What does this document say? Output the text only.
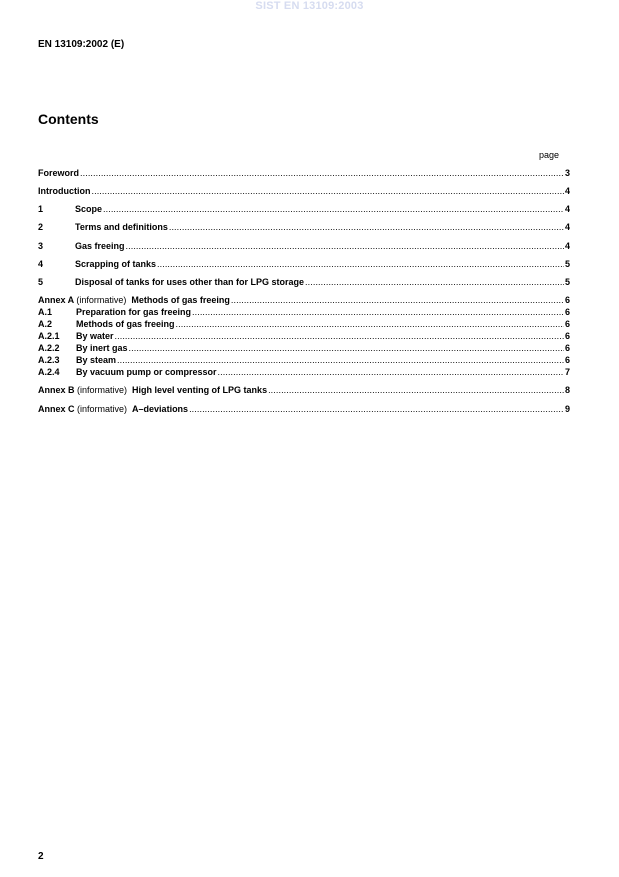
SIST EN 13109:2003
EN 13109:2002 (E)
Contents
page
Foreword .....	3
Introduction .....	4
1	Scope .....	4
2	Terms and definitions .....	4
3	Gas freeing .....	4
4	Scrapping of tanks .....	5
5	Disposal of tanks for uses other than for LPG storage .....	5
Annex A (informative) Methods of gas freeing .....	6
A.1	Preparation for gas freeing .....	6
A.2	Methods of gas freeing .....	6
A.2.1	By water .....	6
A.2.2	By inert gas .....	6
A.2.3	By steam .....	6
A.2.4	By vacuum pump or compressor .....	7
Annex B (informative) High level venting of LPG tanks .....	8
Annex C (informative) A–deviations .....	9
2
